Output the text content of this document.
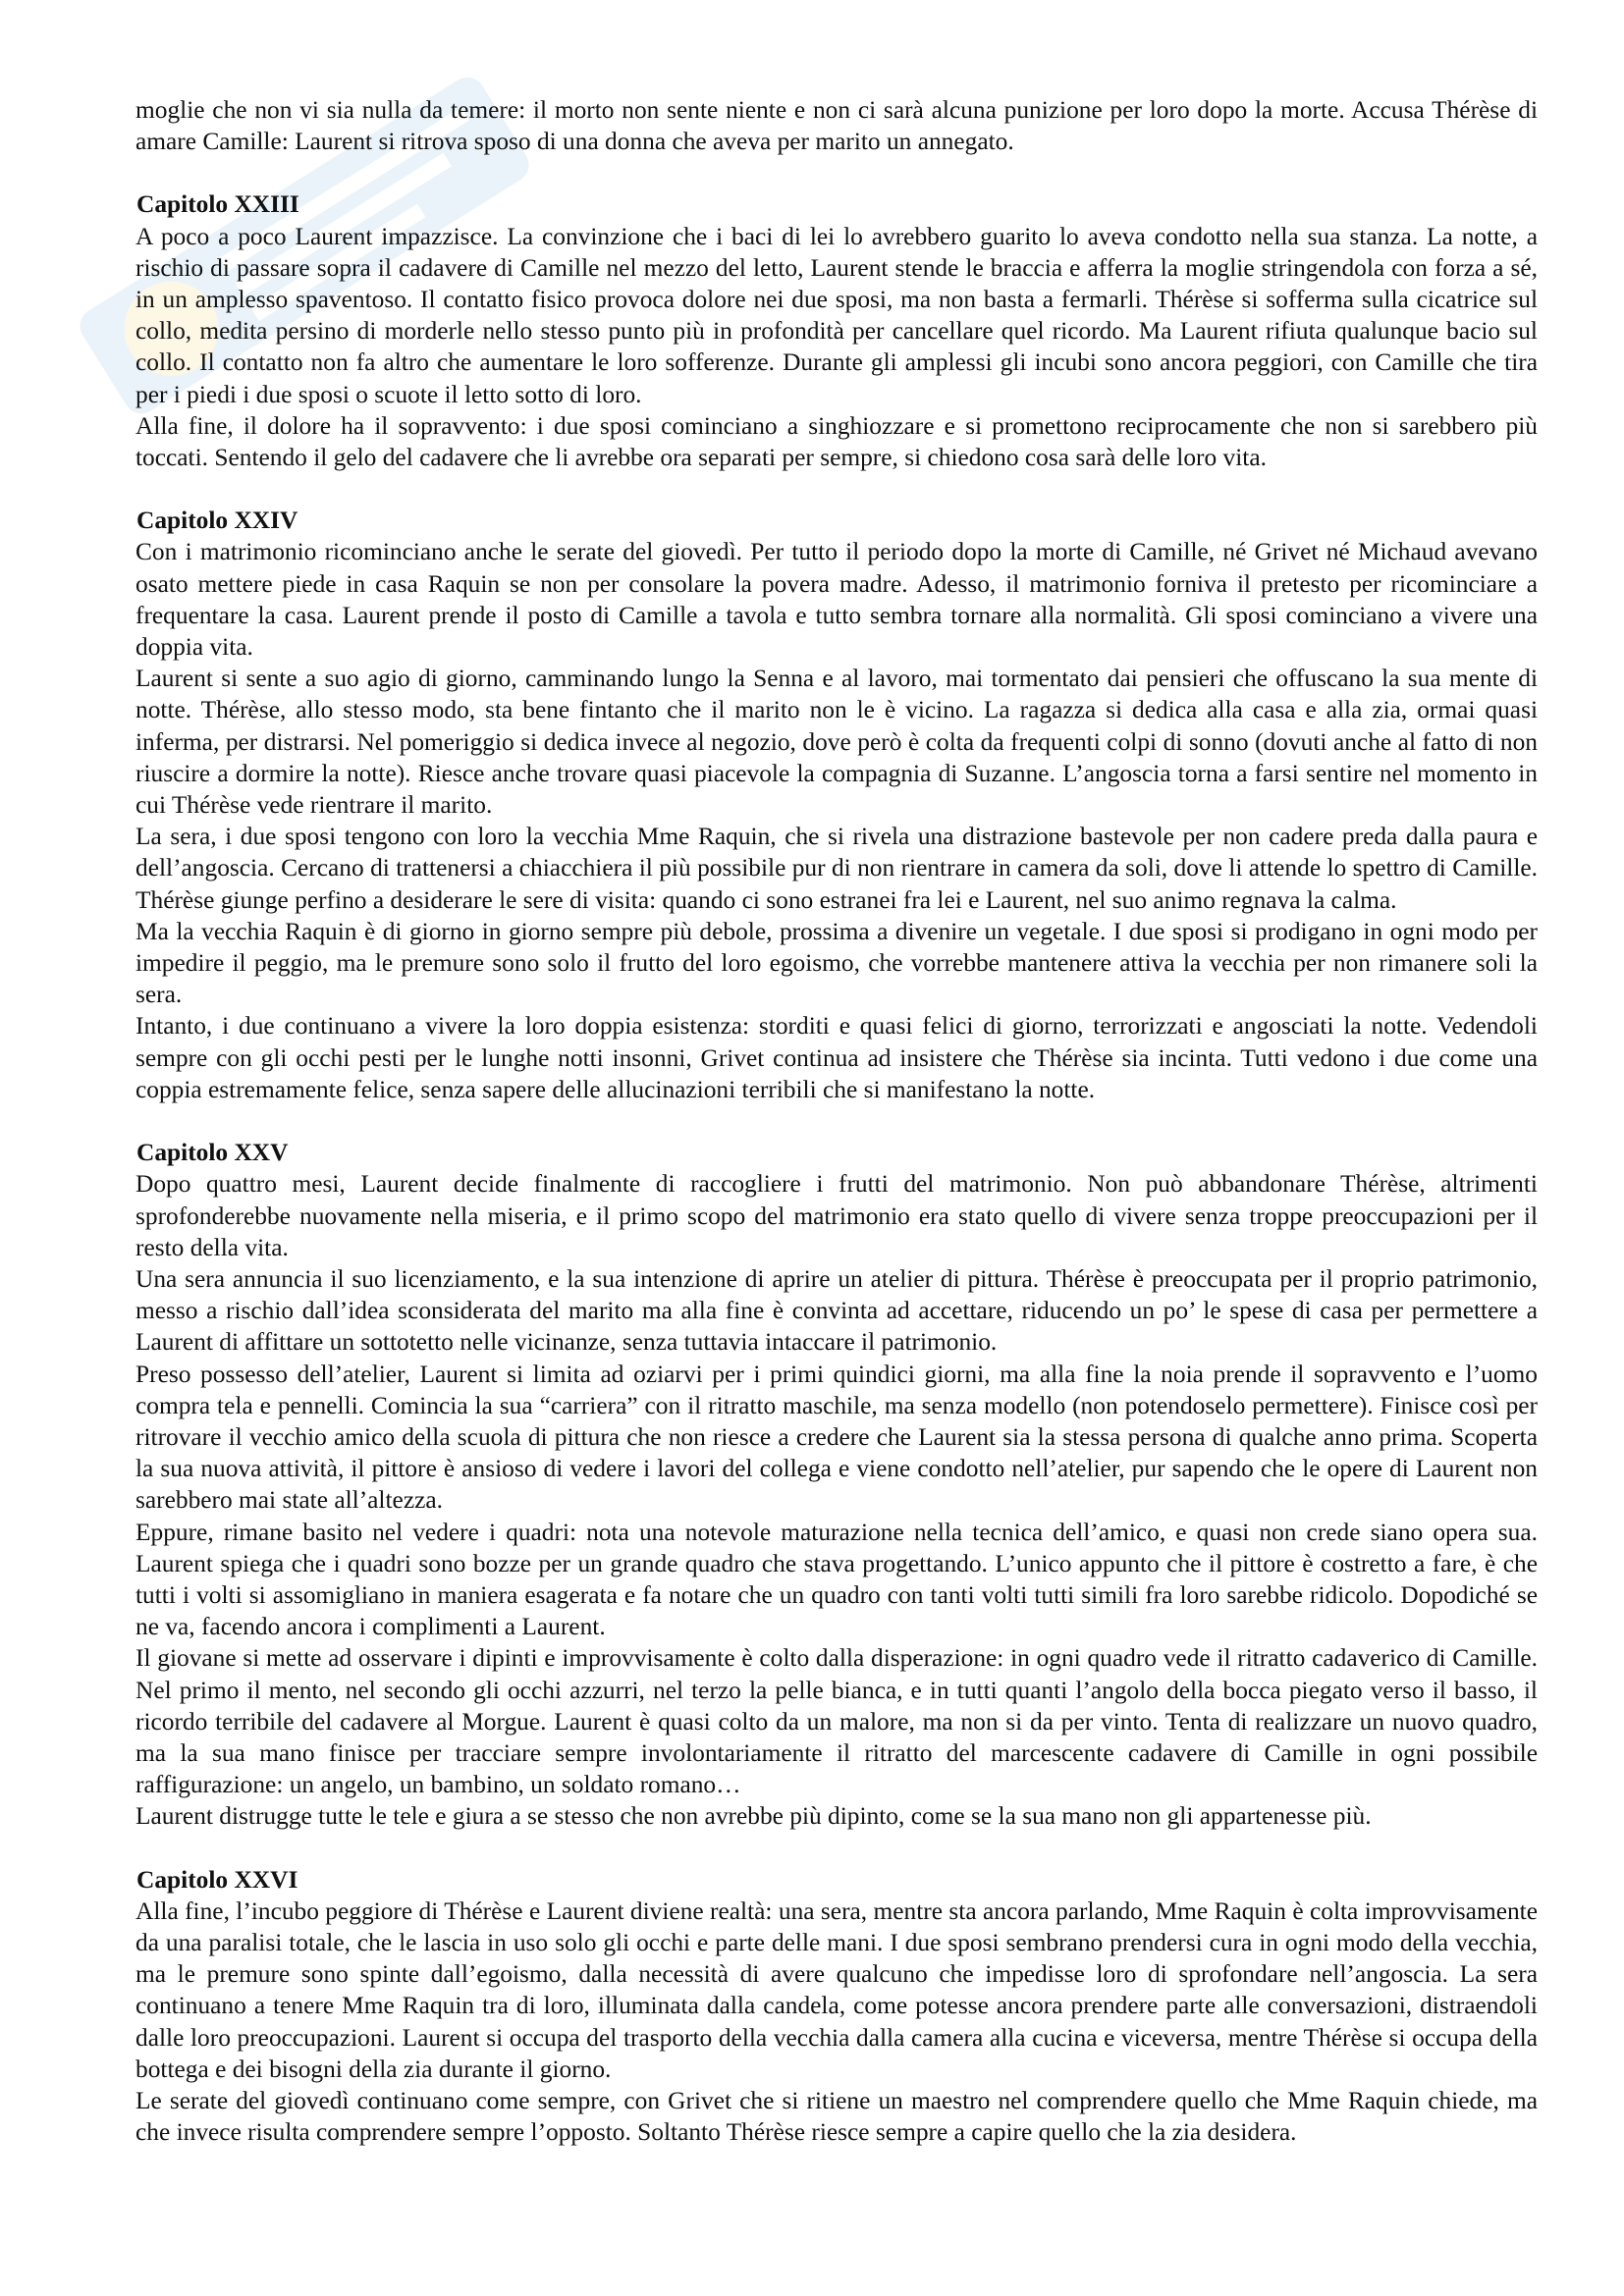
moglie che non vi sia nulla da temere: il morto non sente niente e non ci sarà alcuna punizione per loro dopo la morte. Accusa Thérèse di amare Camille: Laurent si ritrova sposo di una donna che aveva per marito un annegato.

Capitolo XXIII

A poco a poco Laurent impazzisce. La convinzione che i baci di lei lo avrebbero guarito lo aveva condotto nella sua stanza. La notte, a rischio di passare sopra il cadavere di Camille nel mezzo del letto, Laurent stende le braccia e afferra la moglie stringendola con forza a sé, in un amplesso spaventoso. Il contatto fisico provoca dolore nei due sposi, ma non basta a fermarli. Thérèse si sofferma sulla cicatrice sul collo, medita persino di morderle nello stesso punto più in profondità per cancellare quel ricordo. Ma Laurent rifiuta qualunque bacio sul collo. Il contatto non fa altro che aumentare le loro sofferenze. Durante gli amplessi gli incubi sono ancora peggiori, con Camille che tira per i piedi i due sposi o scuote il letto sotto di loro.

Alla fine, il dolore ha il sopravvento: i due sposi cominciano a singhiozzare e si promettono reciprocamente che non si sarebbero più toccati. Sentendo il gelo del cadavere che li avrebbe ora separati per sempre, si chiedono cosa sarà delle loro vita.

Capitolo XXIV

Con i matrimonio ricominciano anche le serate del giovedì. Per tutto il periodo dopo la morte di Camille, né Grivet né Michaud avevano osato mettere piede in casa Raquin se non per consolare la povera madre. Adesso, il matrimonio forniva il pretesto per ricominciare a frequentare la casa. Laurent prende il posto di Camille a tavola e tutto sembra tornare alla normalità. Gli sposi cominciano a vivere una doppia vita.

Laurent si sente a suo agio di giorno, camminando lungo la Senna e al lavoro, mai tormentato dai pensieri che offuscano la sua mente di notte. Thérèse, allo stesso modo, sta bene fintanto che il marito non le è vicino. La ragazza si dedica alla casa e alla zia, ormai quasi inferma, per distrarsi. Nel pomeriggio si dedica invece al negozio, dove però è colta da frequenti colpi di sonno (dovuti anche al fatto di non riuscire a dormire la notte). Riesce anche trovare quasi piacevole la compagnia di Suzanne. L’angoscia torna a farsi sentire nel momento in cui Thérèse vede rientrare il marito.

La sera, i due sposi tengono con loro la vecchia Mme Raquin, che si rivela una distrazione bastevole per non cadere preda dalla paura e dell’angoscia. Cercano di trattenersi a chiacchiera il più possibile pur di non rientrare in camera da soli, dove li attende lo spettro di Camille. Thérèse giunge perfino a desiderare le sere di visita: quando ci sono estranei fra lei e Laurent, nel suo animo regnava la calma.

Ma la vecchia Raquin è di giorno in giorno sempre più debole, prossima a divenire un vegetale. I due sposi si prodigano in ogni modo per impedire il peggio, ma le premure sono solo il frutto del loro egoismo, che vorrebbe mantenere attiva la vecchia per non rimanere soli la sera.

Intanto, i due continuano a vivere la loro doppia esistenza: storditi e quasi felici di giorno, terrorizzati e angosciati la notte. Vedendoli sempre con gli occhi pesti per le lunghe notti insonni, Grivet continua ad insistere che Thérèse sia incinta. Tutti vedono i due come una coppia estremamente felice, senza sapere delle allucinazioni terribili che si manifestano la notte.

Capitolo XXV

Dopo quattro mesi, Laurent decide finalmente di raccogliere i frutti del matrimonio. Non può abbandonare Thérèse, altrimenti sprofonderebbe nuovamente nella miseria, e il primo scopo del matrimonio era stato quello di vivere senza troppe preoccupazioni per il resto della vita.

Una sera annuncia il suo licenziamento, e la sua intenzione di aprire un atelier di pittura. Thérèse è preoccupata per il proprio patrimonio, messo a rischio dall’idea sconsiderata del marito ma alla fine è convinta ad accettare, riducendo un po’ le spese di casa per permettere a Laurent di affittare un sottotetto nelle vicinanze, senza tuttavia intaccare il patrimonio.

Preso possesso dell’atelier, Laurent si limita ad oziarvi per i primi quindici giorni, ma alla fine la noia prende il sopravvento e l’uomo compra tela e pennelli. Comincia la sua “carriera” con il ritratto maschile, ma senza modello (non potendoselo permettere). Finisce così per ritrovare il vecchio amico della scuola di pittura che non riesce a credere che Laurent sia la stessa persona di qualche anno prima. Scoperta la sua nuova attività, il pittore è ansioso di vedere i lavori del collega e viene condotto nell’atelier, pur sapendo che le opere di Laurent non sarebbero mai state all’altezza.

Eppure, rimane basito nel vedere i quadri: nota una notevole maturazione nella tecnica dell’amico, e quasi non crede siano opera sua. Laurent spiega che i quadri sono bozze per un grande quadro che stava progettando. L’unico appunto che il pittore è costretto a fare, è che tutti i volti si assomigliano in maniera esagerata e fa notare che un quadro con tanti volti tutti simili fra loro sarebbe ridicolo. Dopodiché se ne va, facendo ancora i complimenti a Laurent.

Il giovane si mette ad osservare i dipinti e improvvisamente è colto dalla disperazione: in ogni quadro vede il ritratto cadaverico di Camille. Nel primo il mento, nel secondo gli occhi azzurri, nel terzo la pelle bianca, e in tutti quanti l’angolo della bocca piegato verso il basso, il ricordo terribile del cadavere al Morgue. Laurent è quasi colto da un malore, ma non si da per vinto. Tenta di realizzare un nuovo quadro, ma la sua mano finisce per tracciare sempre involontariamente il ritratto del marcescente cadavere di Camille in ogni possibile raffigurazione: un angelo, un bambino, un soldato romano…

Laurent distrugge tutte le tele e giura a se stesso che non avrebbe più dipinto, come se la sua mano non gli appartenesse più.

Capitolo XXVI

Alla fine, l’incubo peggiore di Thérèse e Laurent diviene realtà: una sera, mentre sta ancora parlando, Mme Raquin è colta improvvisamente da una paralisi totale, che le lascia in uso solo gli occhi e parte delle mani. I due sposi sembrano prendersi cura in ogni modo della vecchia, ma le premure sono spinte dall’egoismo, dalla necessità di avere qualcuno che impedisse loro di sprofondare nell’angoscia. La sera continuano a tenere Mme Raquin tra di loro, illuminata dalla candela, come potesse ancora prendere parte alle conversazioni, distraendoli dalle loro preoccupazioni. Laurent si occupa del trasporto della vecchia dalla camera alla cucina e viceversa, mentre Thérèse si occupa della bottega e dei bisogni della zia durante il giorno.

Le serate del giovedì continuano come sempre, con Grivet che si ritiene un maestro nel comprendere quello che Mme Raquin chiede, ma che invece risulta comprendere sempre l’opposto. Soltanto Thérèse riesce sempre a capire quello che la zia desidera.
